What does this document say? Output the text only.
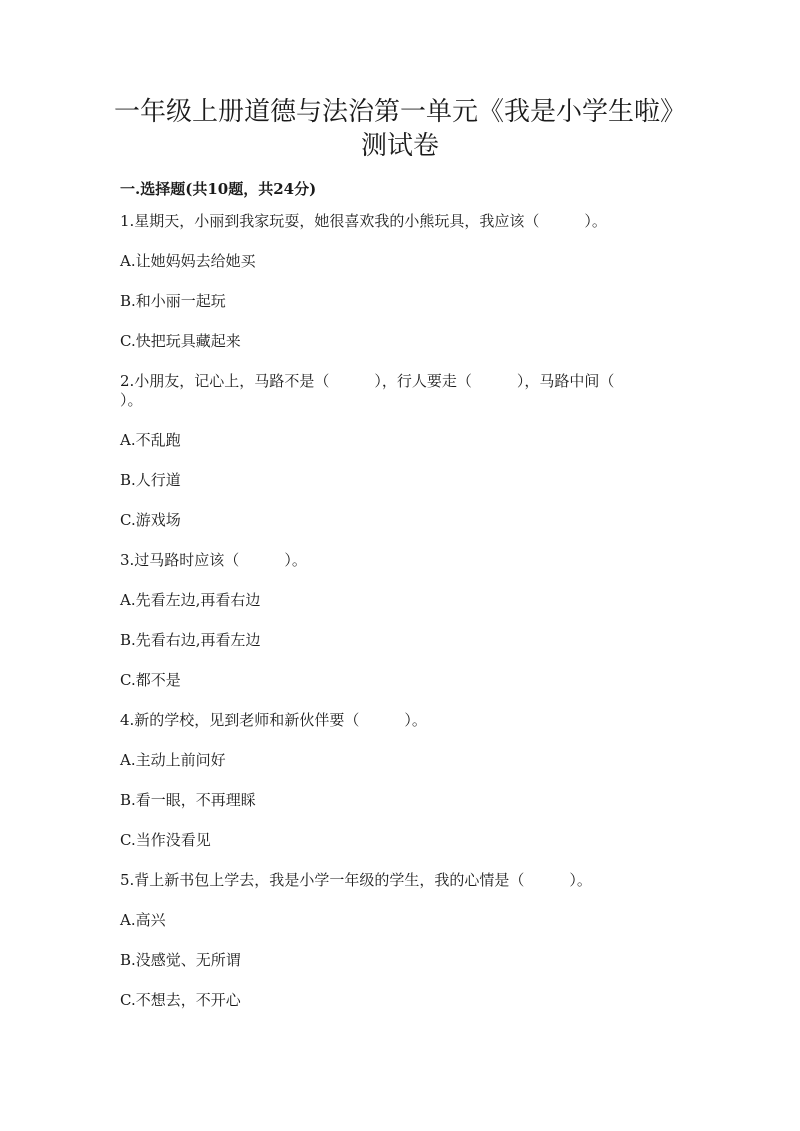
一年级上册道德与法治第一单元《我是小学生啦》
测试卷
一.选择题(共10题，共24分)

1.星期天，小丽到我家玩耍，她很喜欢我的小熊玩具，我应该（　　　）。

A.让她妈妈去给她买

B.和小丽一起玩

C.快把玩具藏起来

2.小朋友，记心上，马路不是（　　　），行人要走（　　　），马路中间（　　　）。

A.不乱跑

B.人行道

C.游戏场

3.过马路时应该（　　　）。

A.先看左边,再看右边

B.先看右边,再看左边

C.都不是

4.新的学校，见到老师和新伙伴要（　　　）。

A.主动上前问好

B.看一眼，不再理睬

C.当作没看见

5.背上新书包上学去，我是小学一年级的学生，我的心情是（　　　）。

A.高兴

B.没感觉、无所谓

C.不想去，不开心
